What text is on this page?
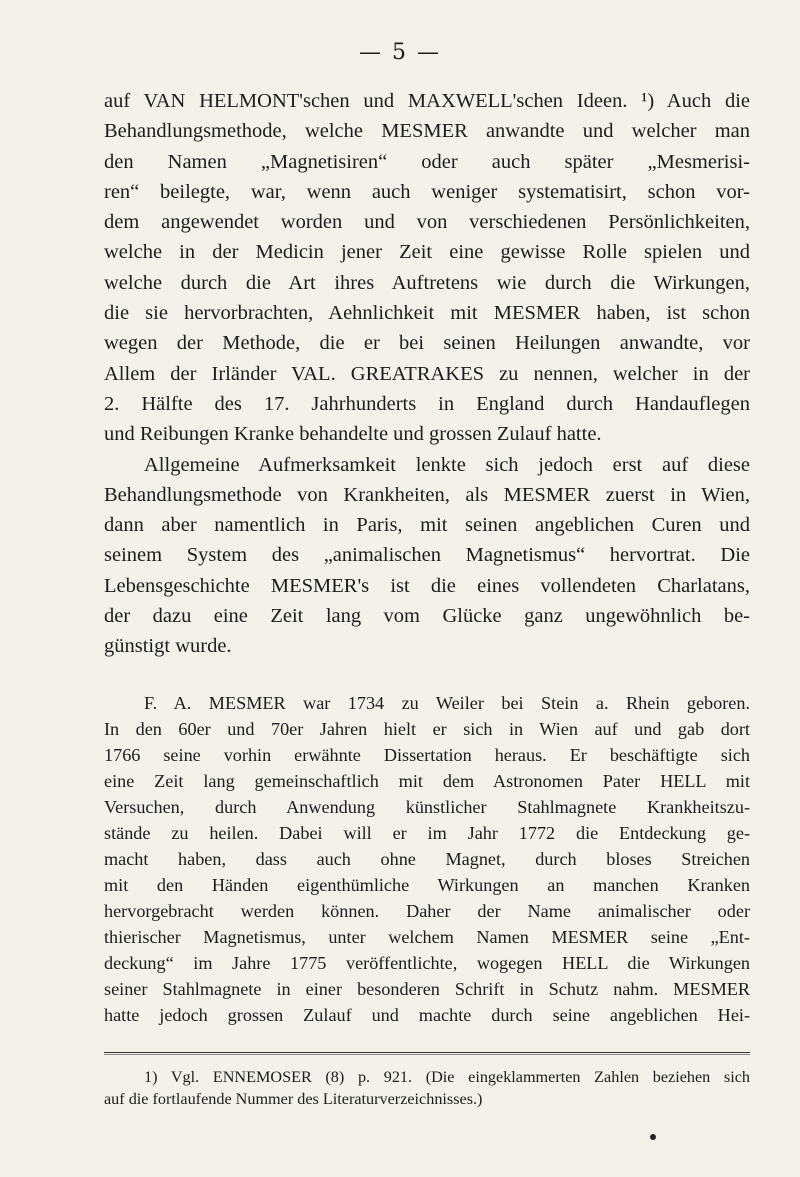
— 5 —
auf VAN HELMONT'schen und MAXWELL'schen Ideen. ¹) Auch die
Behandlungsmethode, welche MESMER anwandte und welcher man
den Namen „Magnetisiren“ oder auch später „Mesmerisi-
ren“ beilegte, war, wenn auch weniger systematisirt, schon vor-
dem angewendet worden und von verschiedenen Persönlichkeiten,
welche in der Medicin jener Zeit eine gewisse Rolle spielen und
welche durch die Art ihres Auftretens wie durch die Wirkungen,
die sie hervorbrachten, Aehnlichkeit mit MESMER haben, ist schon
wegen der Methode, die er bei seinen Heilungen anwandte, vor
Allem der Irländer VAL. GREATRAKES zu nennen, welcher in der
2. Hälfte des 17. Jahrhunderts in England durch Handauflegen
und Reibungen Kranke behandelte und grossen Zulauf hatte.
Allgemeine Aufmerksamkeit lenkte sich jedoch erst auf diese
Behandlungsmethode von Krankheiten, als MESMER zuerst in Wien,
dann aber namentlich in Paris, mit seinen angeblichen Curen und
seinem System des „animalischen Magnetismus“ hervortrat. Die
Lebensgeschichte MESMER's ist die eines vollendeten Charlatans,
der dazu eine Zeit lang vom Glücke ganz ungewöhnlich be-
günstigt wurde.
F. A. MESMER war 1734 zu Weiler bei Stein a. Rhein geboren.
In den 60er und 70er Jahren hielt er sich in Wien auf und gab dort
1766 seine vorhin erwähnte Dissertation heraus. Er beschäftigte sich
eine Zeit lang gemeinschaftlich mit dem Astronomen Pater HELL mit
Versuchen, durch Anwendung künstlicher Stahlmagnete Krankheitszu-
stände zu heilen. Dabei will er im Jahr 1772 die Entdeckung ge-
macht haben, dass auch ohne Magnet, durch bloses Streichen
mit den Händen eigenthümliche Wirkungen an manchen Kranken
hervorgebracht werden können. Daher der Name animalischer oder
thierischer Magnetismus, unter welchem Namen MESMER seine „Ent-
deckung“ im Jahre 1775 veröffentlichte, wogegen HELL die Wirkungen
seiner Stahlmagnete in einer besonderen Schrift in Schutz nahm. MESMER
hatte jedoch grossen Zulauf und machte durch seine angeblichen Hei-
1) Vgl. ENNEMOSER (8) p. 921. (Die eingeklammerten Zahlen beziehen sich
auf die fortlaufende Nummer des Literaturverzeichnisses.)
